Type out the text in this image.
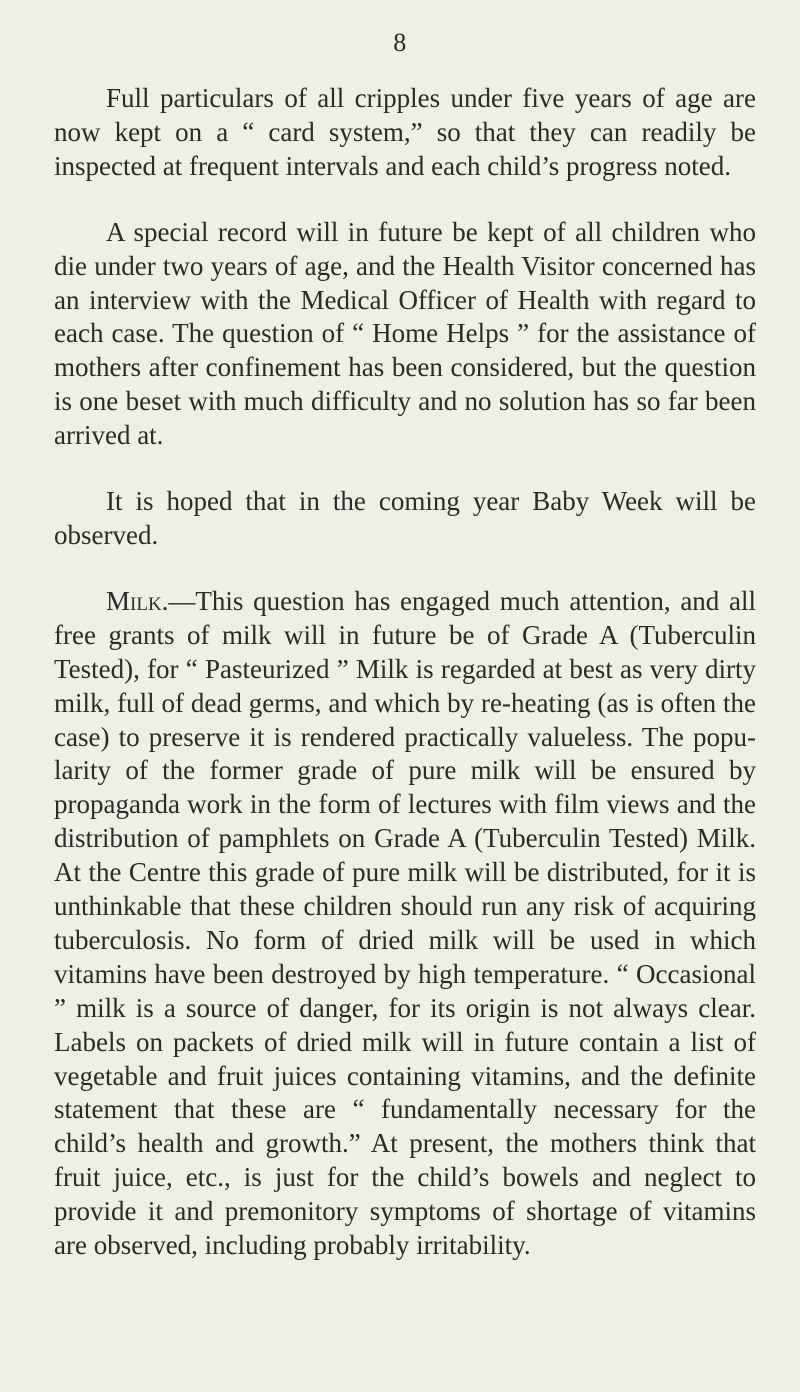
8

Full particulars of all cripples under five years of age are now kept on a “ card system,” so that they can readily be inspected at frequent intervals and each child’s progress noted.

A special record will in future be kept of all children who die under two years of age, and the Health Visitor concerned has an interview with the Medical Officer of Health with regard to each case. The question of “ Home Helps ” for the assistance of mothers after confinement has been considered, but the question is one beset with much difficulty and no solution has so far been arrived at.

It is hoped that in the coming year Baby Week will be observed.

Milk.—This question has engaged much attention, and all free grants of milk will in future be of Grade A (Tuberculin Tested), for “ Pasteurized ” Milk is regarded at best as very dirty milk, full of dead germs, and which by re-heating (as is often the case) to preserve it is rendered practically valueless. The popularity of the former grade of pure milk will be ensured by propaganda work in the form of lectures with film views and the distribution of pamphlets on Grade A (Tuberculin Tested) Milk. At the Centre this grade of pure milk will be distributed, for it is unthinkable that these children should run any risk of acquiring tuberculosis. No form of dried milk will be used in which vitamins have been destroyed by high temperature. “ Occasional ” milk is a source of danger, for its origin is not always clear. Labels on packets of dried milk will in future contain a list of vegetable and fruit juices containing vitamins, and the definite statement that these are “ fundamentally necessary for the child’s health and growth.” At present, the mothers think that fruit juice, etc., is just for the child’s bowels and neglect to provide it and premonitory symptoms of shortage of vitamins are observed, including probably irritability.
